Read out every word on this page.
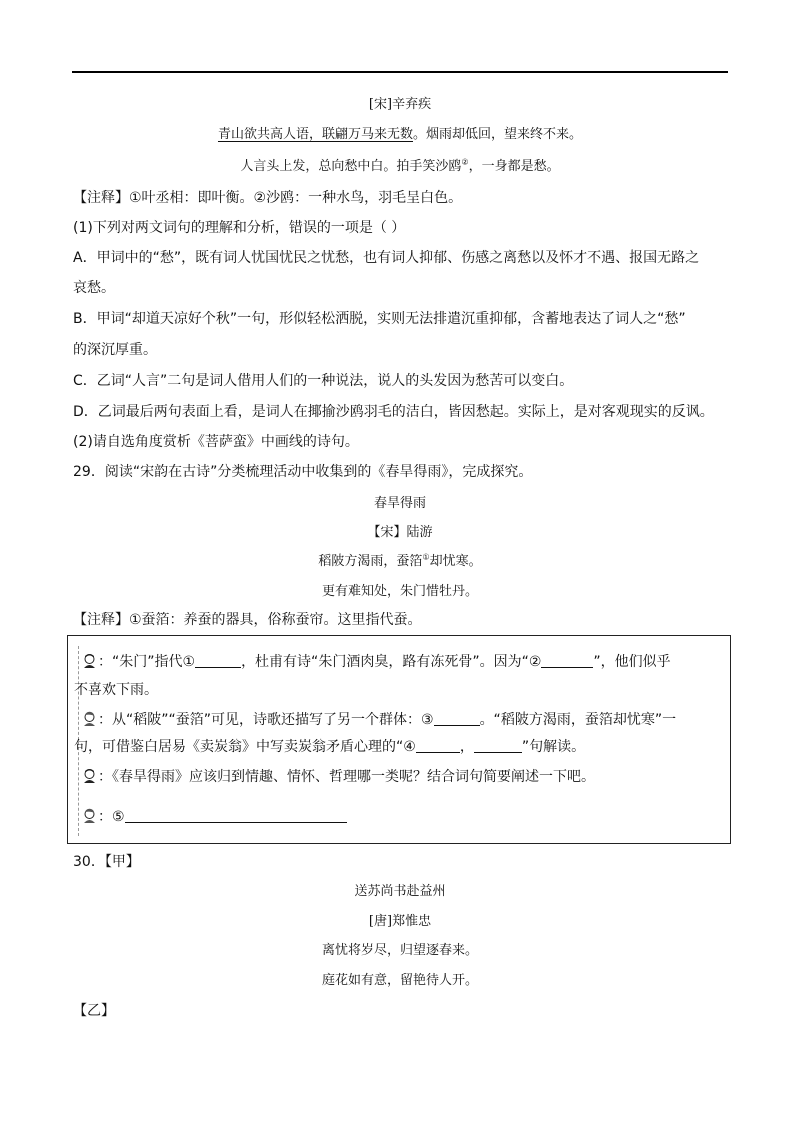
[宋]辛弃疾
青山欲共高人语，联翩万马来无数。烟雨却低回，望来终不来。
人言头上发，总向愁中白。拍手笑沙鸥②，一身都是愁。
【注释】①叶丞相：即叶衡。②沙鸥：一种水鸟，羽毛呈白色。
(1)下列对两文词句的理解和分析，错误的一项是（ ）
A．甲词中的“愁”，既有词人忧国忧民之忧愁，也有词人抑郁、伤感之离愁以及怀才不遇、报国无路之
哀愁。
B．甲词“却道天凉好个秋”一句，形似轻松洒脱，实则无法排遣沉重抑郁，含蓄地表达了词人之“愁”
的深沉厚重。
C．乙词“人言”二句是词人借用人们的一种说法，说人的头发因为愁苦可以变白。
D．乙词最后两句表面上看，是词人在揶揄沙鸥羽毛的洁白，皆因愁起。实际上，是对客观现实的反讽。
(2)请自选角度赏析《菩萨蛮》中画线的诗句。
29．阅读“宋韵在古诗”分类梳理活动中收集到的《春旱得雨》，完成探究。
春旱得雨
【宋】陆游
稻陂方渴雨，蚕箔①却忧寒。
更有难知处，朱门惜牡丹。
【注释】①蚕箔：养蚕的器具，俗称蚕帘。这里指代蚕。
：“朱门”指代①	，杜甫有诗“朱门酒肉臭，路有冻死骨”。因为“②	”，他们似乎
不喜欢下雨。
：从“稻陂”“蚕箔”可见，诗歌还描写了另一个群体：③	。“稻陂方渴雨，蚕箔却忧寒”一
句，可借鉴白居易《卖炭翁》中写卖炭翁矛盾心理的“④	，	”句解读。
：《春旱得雨》应该归到情趣、情怀、哲理哪一类呢？结合词句简要阐述一下吧。
：⑤
30．【甲】
送苏尚书赴益州
[唐]郑惟忠
离忧将岁尽，归望逐春来。
庭花如有意，留艳待人开。
【乙】
